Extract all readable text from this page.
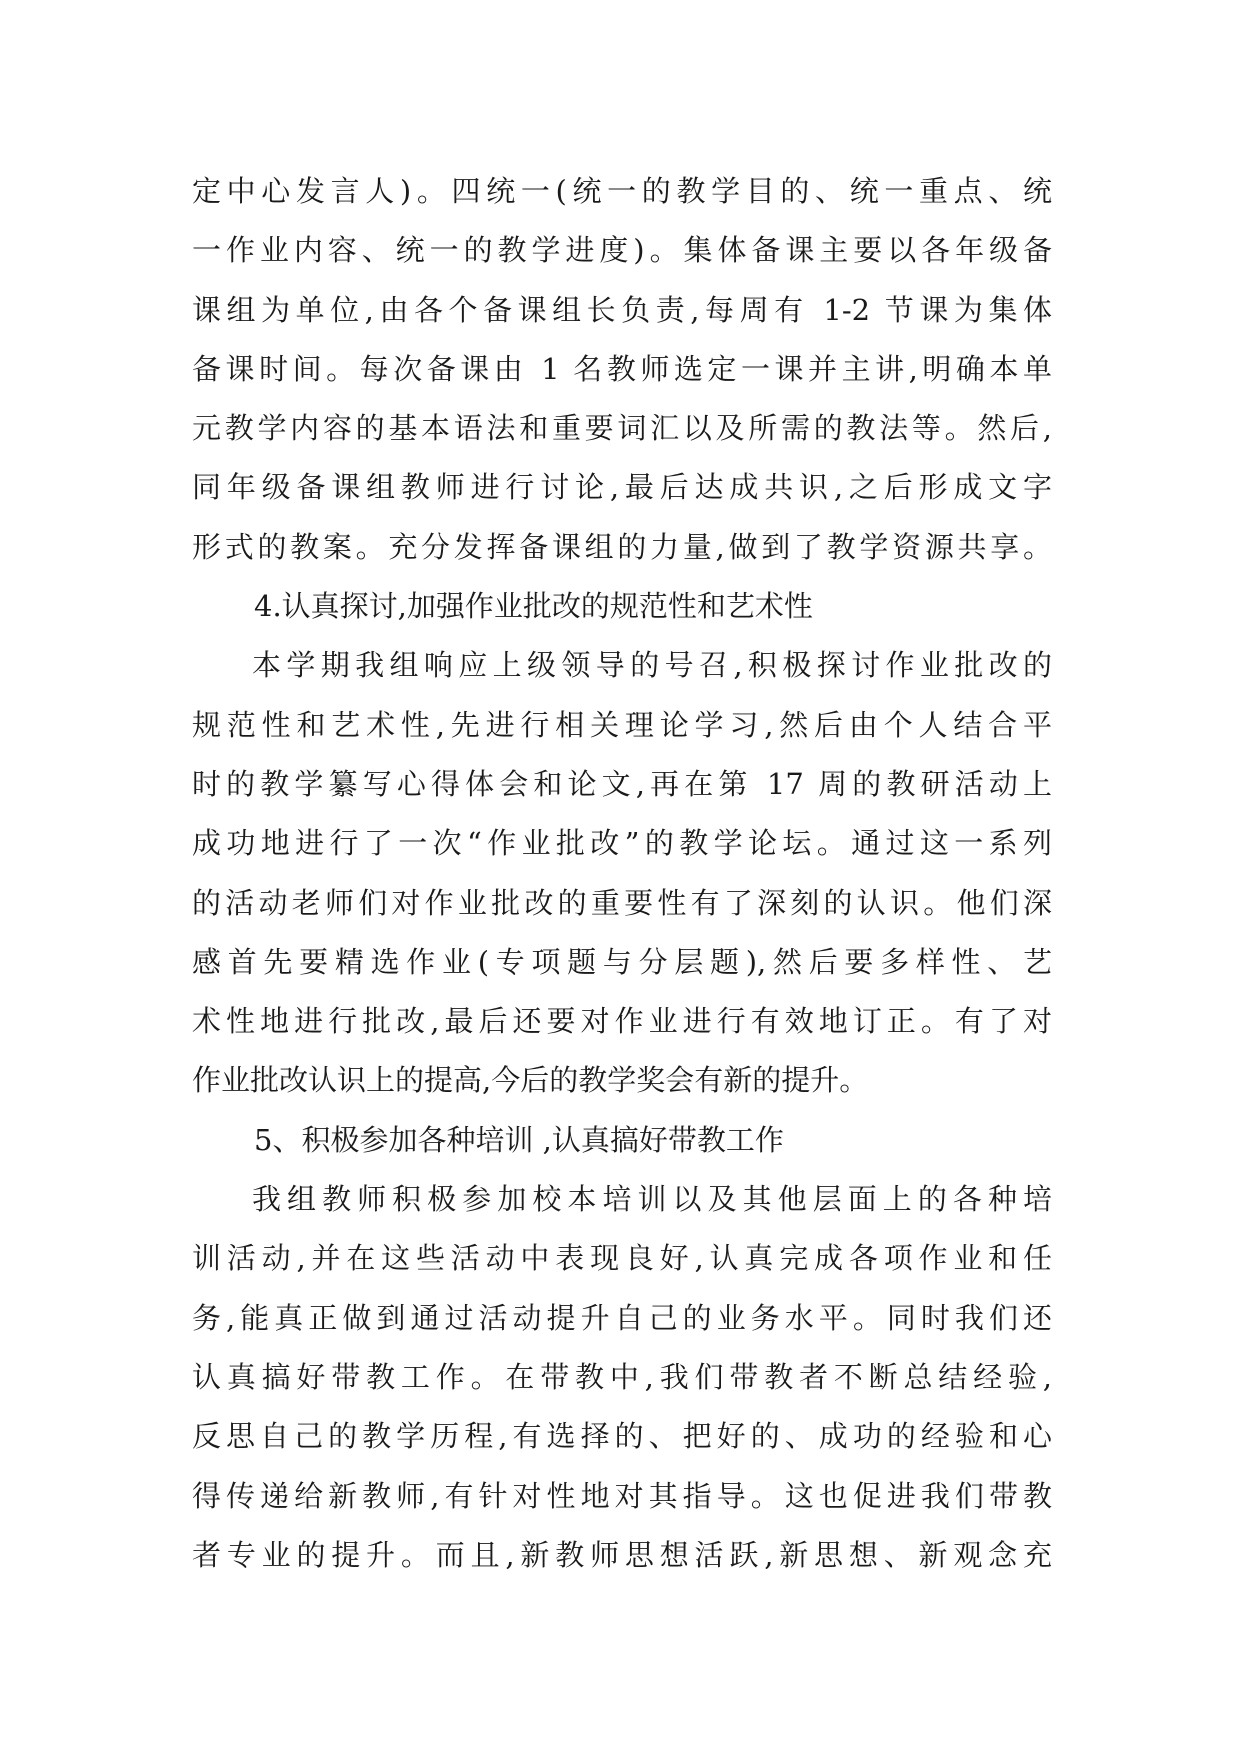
定中心发言人)。四统一(统一的教学目的、统一重点、统
一作业内容、统一的教学进度)。集体备课主要以各年级备
课组为单位,由各个备课组长负责,每周有 1-2 节课为集体
备课时间。每次备课由 1 名教师选定一课并主讲,明确本单
元教学内容的基本语法和重要词汇以及所需的教法等。然后,
同年级备课组教师进行讨论,最后达成共识,之后形成文字
形式的教案。充分发挥备课组的力量,做到了教学资源共享。
4.认真探讨,加强作业批改的规范性和艺术性
本学期我组响应上级领导的号召,积极探讨作业批改的
规范性和艺术性,先进行相关理论学习,然后由个人结合平
时的教学纂写心得体会和论文,再在第 17 周的教研活动上
成功地进行了一次“作业批改”的教学论坛。通过这一系列
的活动老师们对作业批改的重要性有了深刻的认识。他们深
感首先要精选作业(专项题与分层题),然后要多样性、艺
术性地进行批改,最后还要对作业进行有效地订正。有了对
作业批改认识上的提高,今后的教学奖会有新的提升。
5、积极参加各种培训 ,认真搞好带教工作
我组教师积极参加校本培训以及其他层面上的各种培
训活动,并在这些活动中表现良好,认真完成各项作业和任
务,能真正做到通过活动提升自己的业务水平。同时我们还
认真搞好带教工作。在带教中,我们带教者不断总结经验,
反思自己的教学历程,有选择的、把好的、成功的经验和心
得传递给新教师,有针对性地对其指导。这也促进我们带教
者专业的提升。而且,新教师思想活跃,新思想、新观念充
